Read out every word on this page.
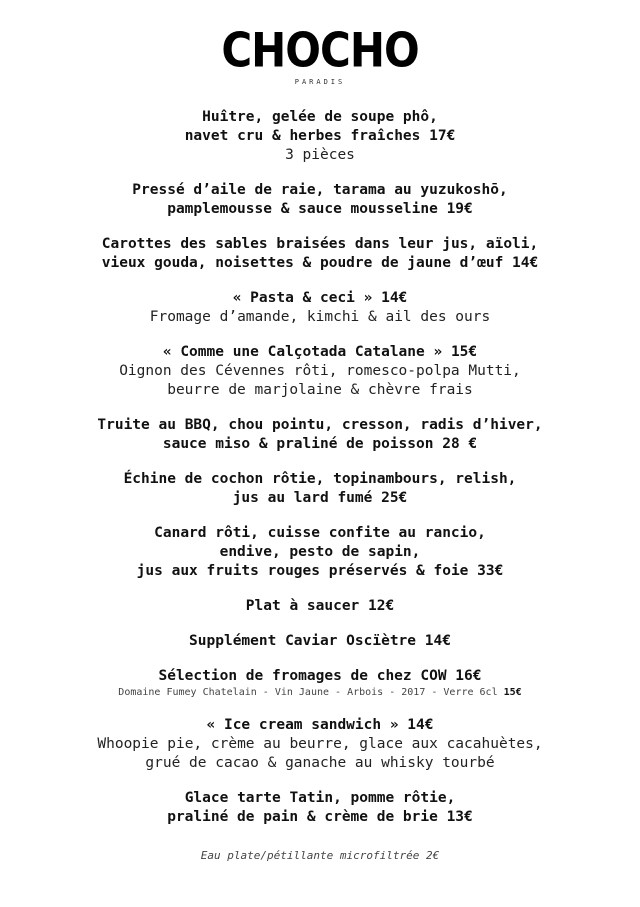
CHOCHO
PARADIS
Huître, gelée de soupe phô,
navet cru & herbes fraîches 17€
3 pièces
Pressé d’aile de raie, tarama au yuzukoshō,
pamplemousse & sauce mousseline 19€
Carottes des sables braisées dans leur jus, aïoli,
vieux gouda, noisettes & poudre de jaune d’œuf 14€
« Pasta & ceci » 14€
Fromage d’amande, kimchi & ail des ours
« Comme une Calçotada Catalane » 15€
Oignon des Cévennes rôti, romesco-polpa Mutti,
beurre de marjolaine & chèvre frais
Truite au BBQ, chou pointu, cresson, radis d’hiver,
sauce miso & praliné de poisson 28 €
Échine de cochon rôtie, topinambours, relish,
jus au lard fumé 25€
Canard rôti, cuisse confite au rancio,
endive, pesto de sapin,
jus aux fruits rouges préservés & foie 33€
Plat à saucer 12€
Supplément Caviar Oscïètre 14€
Sélection de fromages de chez COW 16€
Domaine Fumey Chatelain - Vin Jaune - Arbois - 2017 - Verre 6cl 15€
« Ice cream sandwich » 14€
Whoopie pie, crème au beurre, glace aux cacahuètes,
grué de cacao & ganache au whisky tourbé
Glace tarte Tatin, pomme rôtie,
praliné de pain & crème de brie 13€
Eau plate/pétillante microfiltrée 2€
